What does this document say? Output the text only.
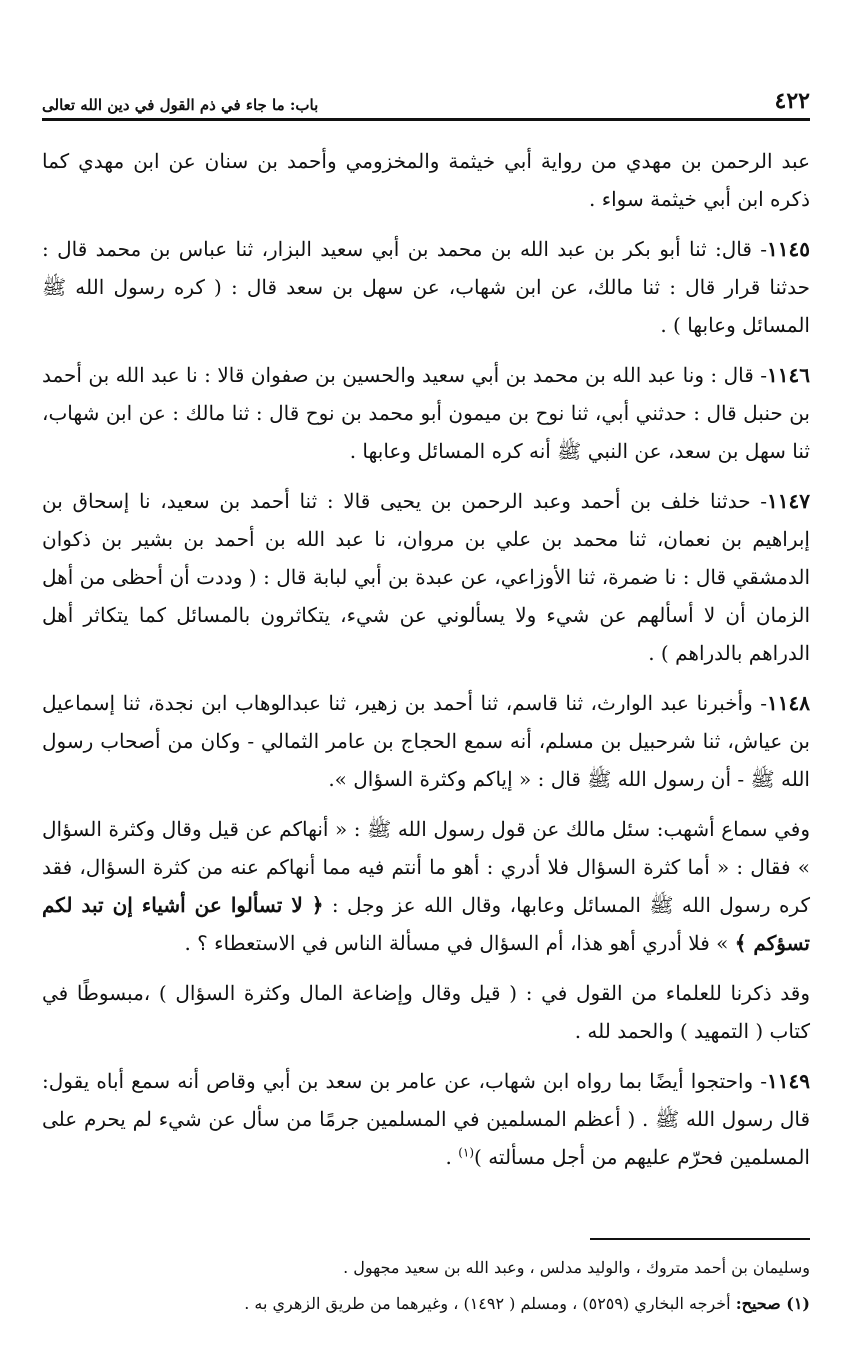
٤٢٢
باب: ما جاء في ذم القول في دين الله تعالى

عبد الرحمن بن مهدي من رواية أبي خيثمة والمخزومي وأحمد بن سنان عن ابن مهدي كما ذكره ابن أبي خيثمة سواء .

١١٤٥- قال: ثنا أبو بكر بن عبد الله بن محمد بن أبي سعيد البزار، ثنا عباس بن محمد قال : حدثنا قرار قال : ثنا مالك، عن ابن شهاب، عن سهل بن سعد قال : ( كره رسول الله ﷺ المسائل وعابها ) .

١١٤٦- قال : ونا عبد الله بن محمد بن أبي سعيد والحسين بن صفوان قالا : نا عبد الله بن أحمد بن حنبل قال : حدثني أبي، ثنا نوح بن ميمون أبو محمد بن نوح قال : ثنا مالك : عن ابن شهاب، ثنا سهل بن سعد، عن النبي ﷺ أنه كره المسائل وعابها .

١١٤٧- حدثنا خلف بن أحمد وعبد الرحمن بن يحيى قالا : ثنا أحمد بن سعيد، نا إسحاق بن إبراهيم بن نعمان، ثنا محمد بن علي بن مروان، نا عبد الله بن أحمد بن بشير بن ذكوان الدمشقي قال : نا ضمرة، ثنا الأوزاعي، عن عبدة بن أبي لبابة قال : ( وددت أن أحظى من أهل الزمان أن لا أسألهم عن شيء ولا يسألوني عن شيء، يتكاثرون بالمسائل كما يتكاثر أهل الدراهم بالدراهم ) .

١١٤٨- وأخبرنا عبد الوارث، ثنا قاسم، ثنا أحمد بن زهير، ثنا عبدالوهاب ابن نجدة، ثنا إسماعيل بن عياش، ثنا شرحبيل بن مسلم، أنه سمع الحجاج بن عامر الثمالي - وكان من أصحاب رسول الله ﷺ - أن رسول الله ﷺ قال : « إياكم وكثرة السؤال ».

وفي سماع أشهب: سئل مالك عن قول رسول الله ﷺ : « أنهاكم عن قيل وقال وكثرة السؤال » فقال : « أما كثرة السؤال فلا أدري : أهو ما أنتم فيه مما أنهاكم عنه من كثرة السؤال، فقد كره رسول الله ﷺ المسائل وعابها، وقال الله عز وجل : ﴿ لا تسألوا عن أشياء إن تبد لكم تسؤكم ﴾ » فلا أدري أهو هذا، أم السؤال في مسألة الناس في الاستعطاء ؟ .

وقد ذكرنا للعلماء من القول في : ( قيل وقال وإضاعة المال وكثرة السؤال ) ،مبسوطًا في كتاب ( التمهيد ) والحمد لله .

١١٤٩- واحتجوا أيضًا بما رواه ابن شهاب، عن عامر بن سعد بن أبي وقاص أنه سمع أباه يقول: قال رسول الله ﷺ . ( أعظم المسلمين في المسلمين جرمًا من سأل عن شيء لم يحرم على المسلمين فحرّم عليهم من أجل مسألته )$^{(١)}$ .

وسليمان بن أحمد متروك ، والوليد مدلس ، وعبد الله بن سعيد مجهول .

(١) صحيح: أخرجه البخاري (٥٢٥٩) ، ومسلم ( ١٤٩٢) ، وغيرهما من طريق الزهري به .
